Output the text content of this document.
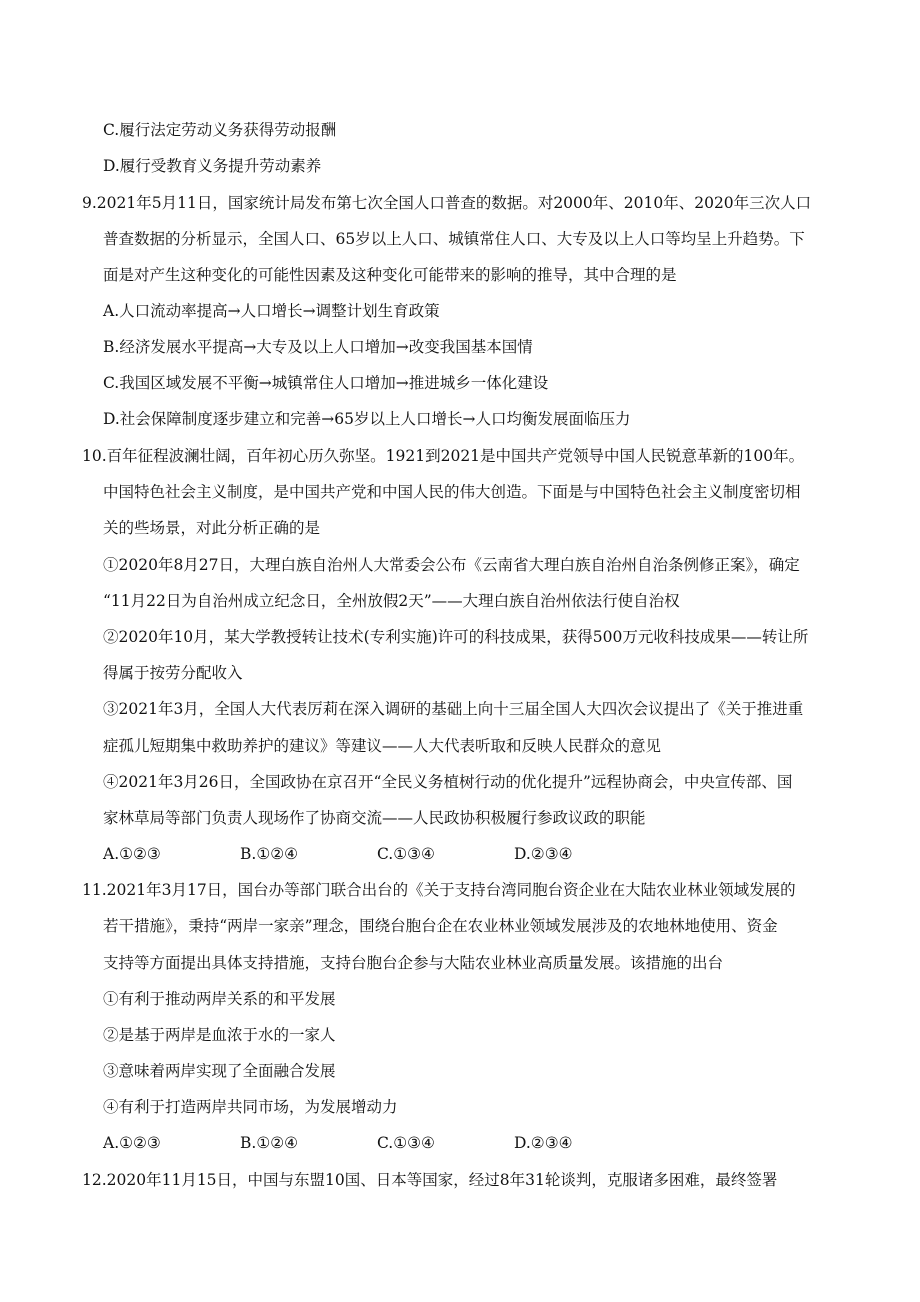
C.履行法定劳动义务获得劳动报酬
D.履行受教育义务提升劳动素养
9.2021年5月11日，国家统计局发布第七次全国人口普查的数据。对2000年、2010年、2020年三次人口
普查数据的分析显示，全国人口、65岁以上人口、城镇常住人口、大专及以上人口等均呈上升趋势。下
面是对产生这种变化的可能性因素及这种变化可能带来的影响的推导，其中合理的是
A.人口流动率提高→人口增长→调整计划生育政策
B.经济发展水平提高→大专及以上人口增加→改变我国基本国情
C.我国区域发展不平衡→城镇常住人口增加→推进城乡一体化建设
D.社会保障制度逐步建立和完善→65岁以上人口增长→人口均衡发展面临压力
10.百年征程波澜壮阔，百年初心历久弥坚。1921到2021是中国共产党领导中国人民锐意革新的100年。
中国特色社会主义制度，是中国共产党和中国人民的伟大创造。下面是与中国特色社会主义制度密切相
关的些场景，对此分析正确的是
①2020年8月27日，大理白族自治州人大常委会公布《云南省大理白族自治州自治条例修正案》，确定
“11月22日为自治州成立纪念日，全州放假2天”——大理白族自治州依法行使自治权
②2020年10月，某大学教授转让技术(专利实施)许可的科技成果，获得500万元收科技成果——转让所
得属于按劳分配收入
③2021年3月，全国人大代表厉莉在深入调研的基础上向十三届全国人大四次会议提出了《关于推进重
症孤儿短期集中救助养护的建议》等建议——人大代表听取和反映人民群众的意见
④2021年3月26日，全国政协在京召开“全民义务植树行动的优化提升”远程协商会，中央宣传部、国
家林草局等部门负责人现场作了协商交流——人民政协积极履行参政议政的职能
A.①②③	B.①②④	C.①③④	D.②③④
11.2021年3月17日，国台办等部门联合出台的《关于支持台湾同胞台资企业在大陆农业林业领域发展的
若干措施》，秉持“两岸一家亲”理念，围绕台胞台企在农业林业领域发展涉及的农地林地使用、资金
支持等方面提出具体支持措施，支持台胞台企参与大陆农业林业高质量发展。该措施的出台
①有利于推动两岸关系的和平发展
②是基于两岸是血浓于水的一家人
③意味着两岸实现了全面融合发展
④有利于打造两岸共同市场，为发展增动力
A.①②③	B.①②④	C.①③④	D.②③④
12.2020年11月15日，中国与东盟10国、日本等国家，经过8年31轮谈判，克服诸多困难，最终签署
